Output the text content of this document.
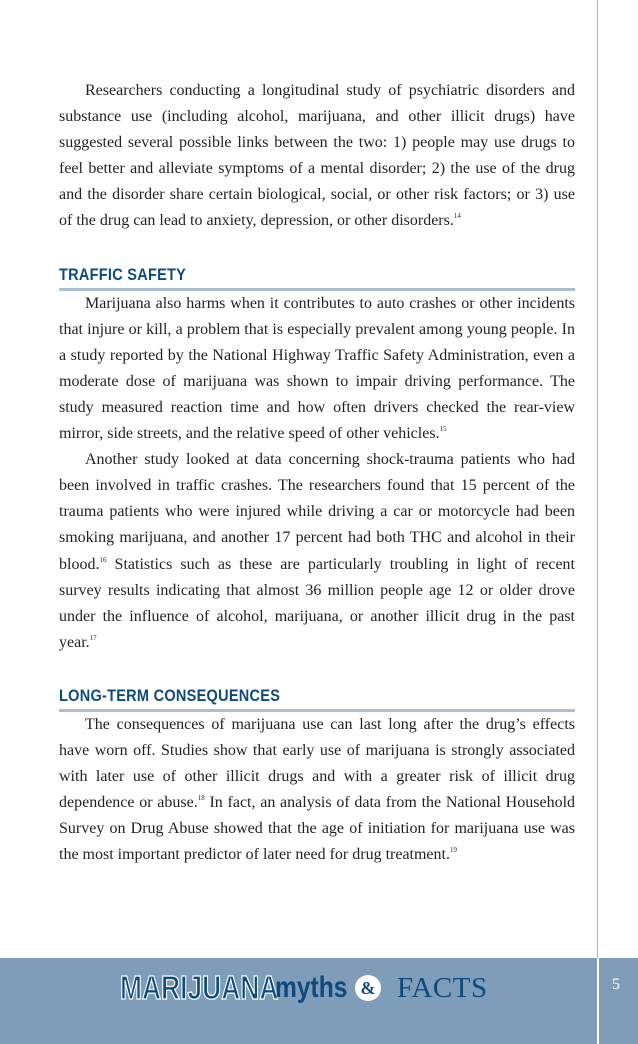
Researchers conducting a longitudinal study of psychiatric disorders and substance use (including alcohol, marijuana, and other illicit drugs) have suggested several possible links between the two: 1) people may use drugs to feel better and alleviate symptoms of a mental disorder; 2) the use of the drug and the disorder share certain biological, social, or other risk factors; or 3) use of the drug can lead to anxiety, depression, or other disorders.$^{14}$

TRAFFIC SAFETY

Marijuana also harms when it contributes to auto crashes or other incidents that injure or kill, a problem that is especially prevalent among young people. In a study reported by the National Highway Traffic Safety Administration, even a moderate dose of marijuana was shown to impair driving performance. The study measured reaction time and how often drivers checked the rear-view mirror, side streets, and the relative speed of other vehicles.$^{15}$

Another study looked at data concerning shock-trauma patients who had been involved in traffic crashes. The researchers found that 15 percent of the trauma patients who were injured while driving a car or motorcycle had been smoking marijuana, and another 17 percent had both THC and alcohol in their blood.$^{16}$ Statistics such as these are particularly troubling in light of recent survey results indicating that almost 36 million people age 12 or older drove under the influence of alcohol, marijuana, or another illicit drug in the past year.$^{17}$

LONG-TERM CONSEQUENCES

The consequences of marijuana use can last long after the drug’s effects have worn off. Studies show that early use of marijuana is strongly associated with later use of other illicit drugs and with a greater risk of illicit drug dependence or abuse.$^{18}$ In fact, an analysis of data from the National Household Survey on Drug Abuse showed that the age of initiation for marijuana use was the most important predictor of later need for drug treatment.$^{19}$

MARIJUANA
myths & FACTS	5
